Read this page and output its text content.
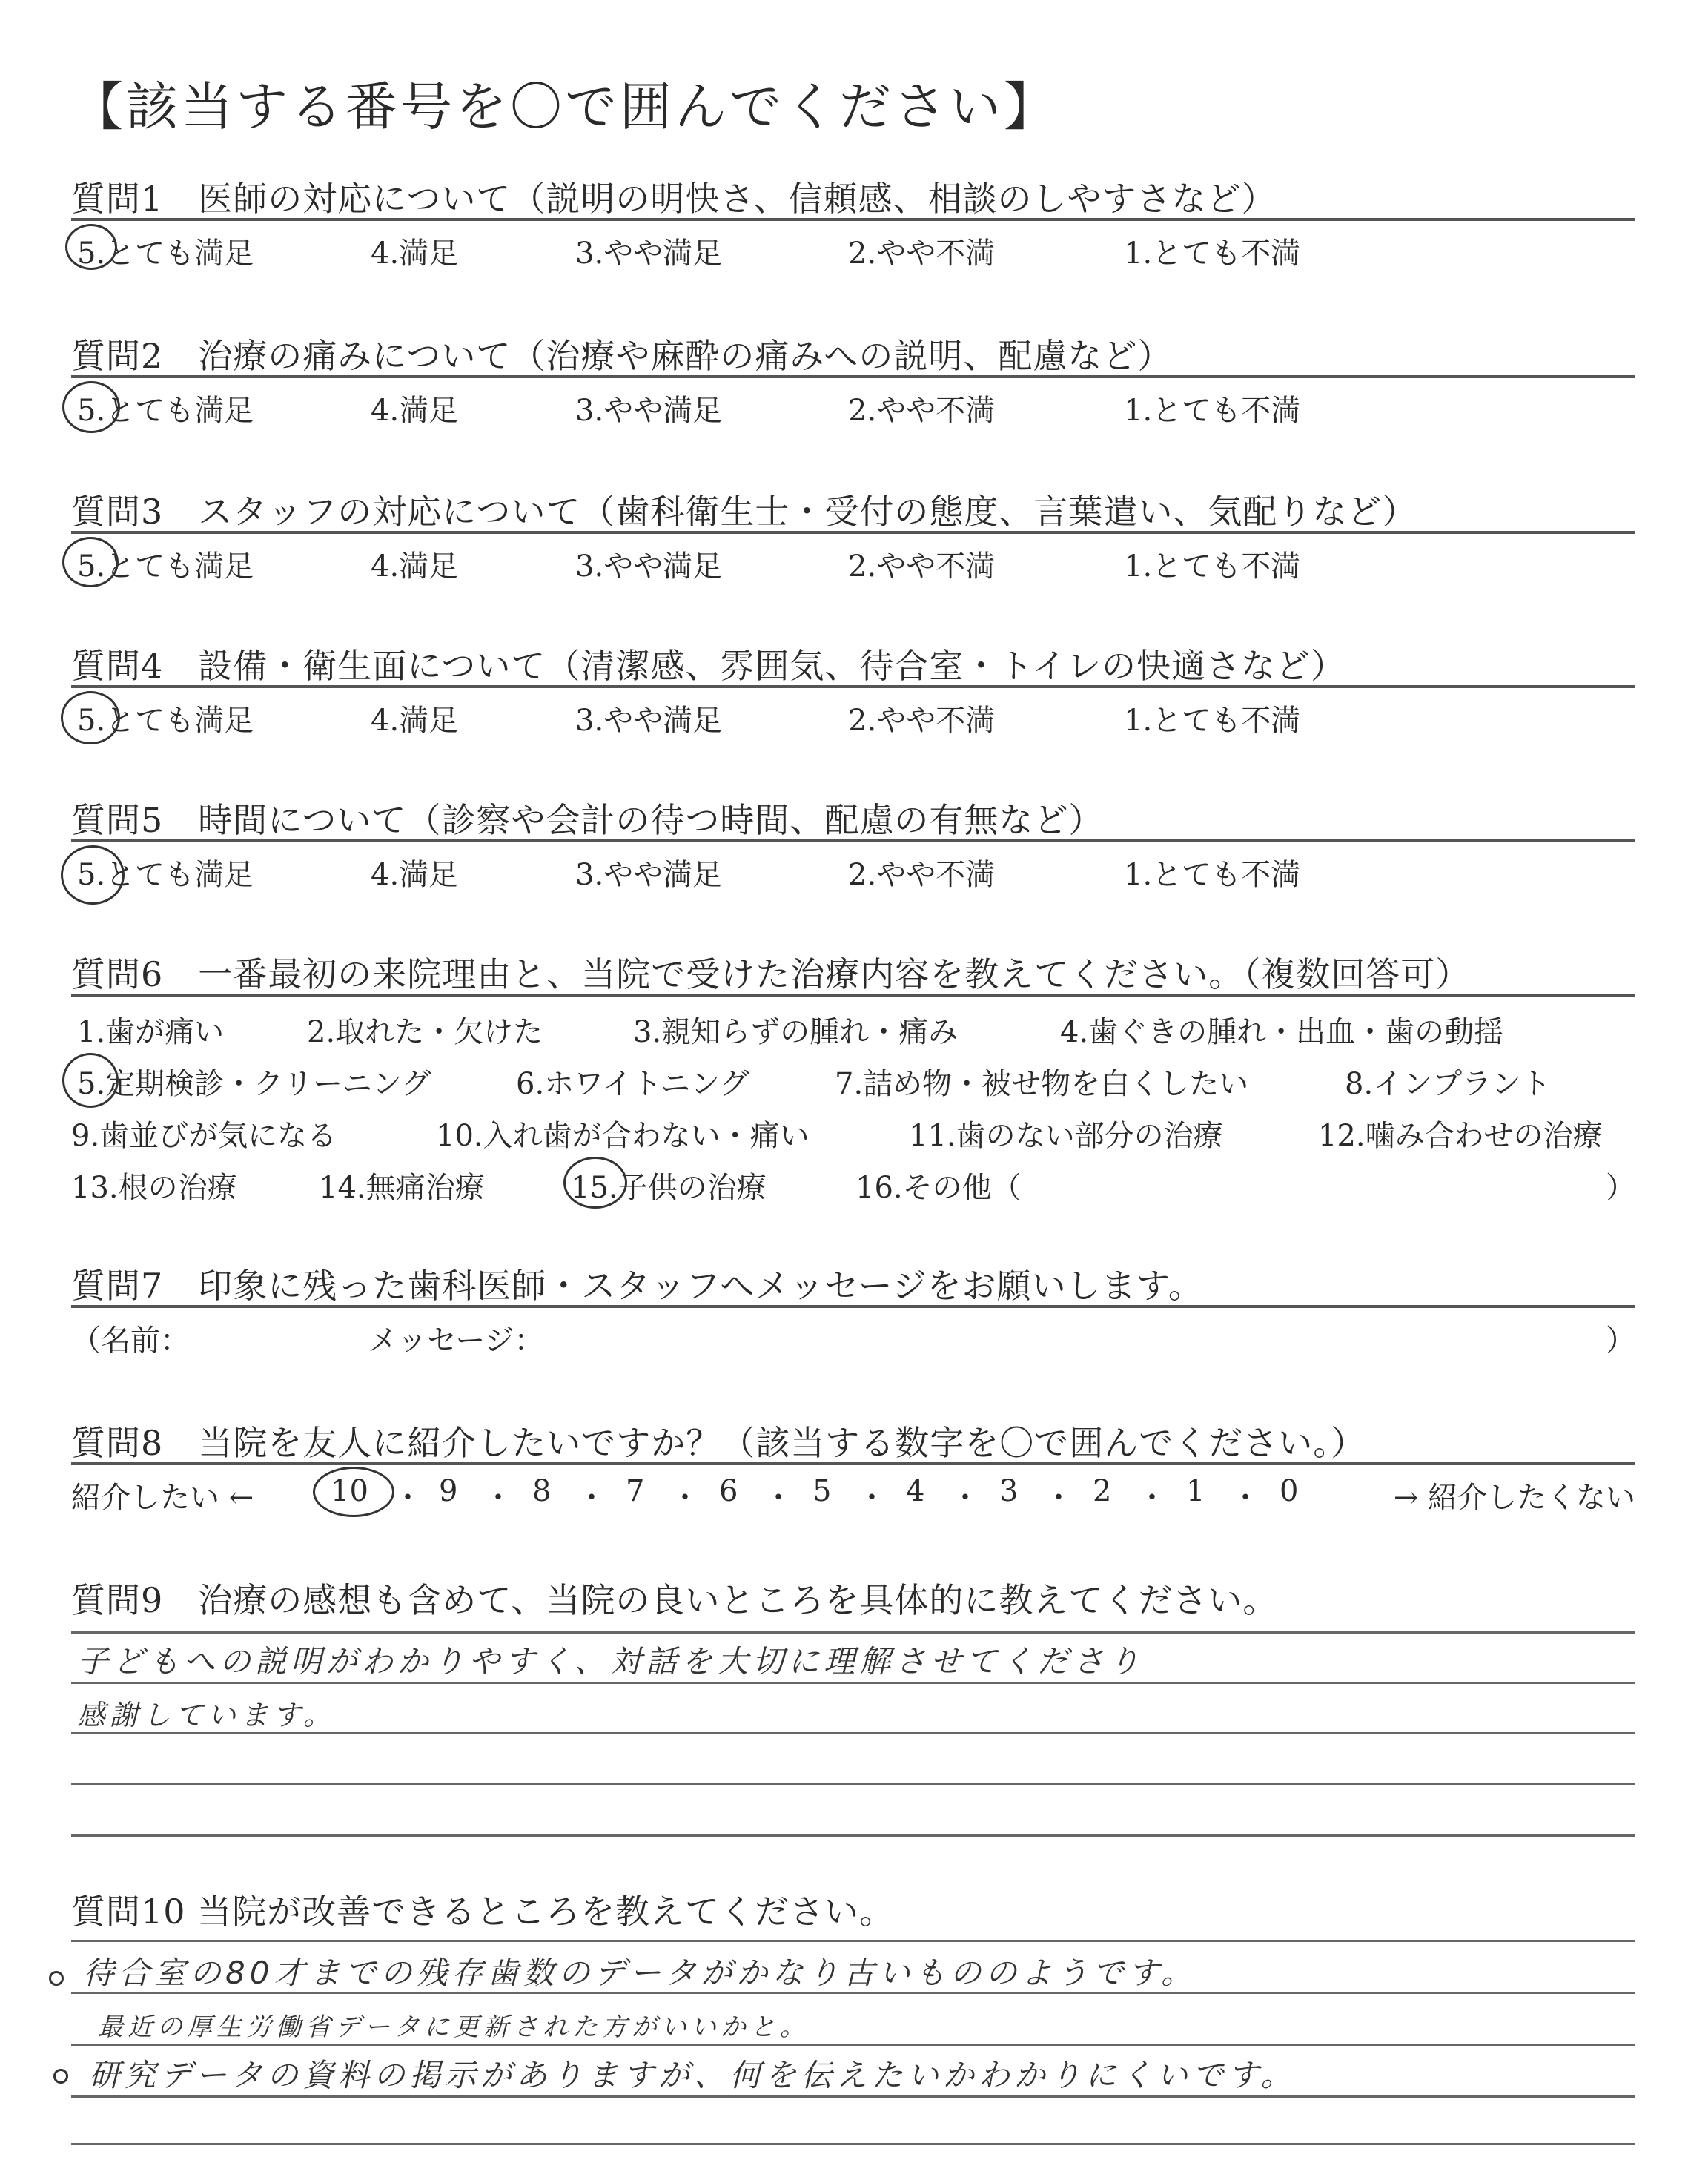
【該当する番号を〇で囲んでください】
質問1　医師の対応について（説明の明快さ、信頼感、相談のしやすさなど）
5.とても満足	4.満足	3.やや満足	2.やや不満	1.とても不満
質問2　治療の痛みについて（治療や麻酔の痛みへの説明、配慮など）
5.とても満足	4.満足	3.やや満足	2.やや不満	1.とても不満
質問3　スタッフの対応について（歯科衛生士・受付の態度、言葉遣い、気配りなど）
5.とても満足	4.満足	3.やや満足	2.やや不満	1.とても不満
質問4　設備・衛生面について（清潔感、雰囲気、待合室・トイレの快適さなど）
5.とても満足	4.満足	3.やや満足	2.やや不満	1.とても不満
質問5　時間について（診察や会計の待つ時間、配慮の有無など）
5.とても満足	4.満足	3.やや満足	2.やや不満	1.とても不満
質問6　一番最初の来院理由と、当院で受けた治療内容を教えてください。（複数回答可）
1.歯が痛い	2.取れた・欠けた	3.親知らずの腫れ・痛み	4.歯ぐきの腫れ・出血・歯の動揺
5.定期検診・クリーニング	6.ホワイトニング	7.詰め物・被せ物を白くしたい	8.インプラント
9.歯並びが気になる	10.入れ歯が合わない・痛い	11.歯のない部分の治療	12.噛み合わせの治療
13.根の治療	14.無痛治療	15.子供の治療	16.その他（	）
質問7　印象に残った歯科医師・スタッフへメッセージをお願いします。
（名前：	メッセージ：	）
質問8　当院を友人に紹介したいですか？（該当する数字を〇で囲んでください。）
紹介したい ←	10 ・ 9 ・ 8 ・ 7 ・ 6 ・ 5 ・ 4 ・ 3 ・ 2 ・ 1 ・ 0	→ 紹介したくない
質問9　治療の感想も含めて、当院の良いところを具体的に教えてください。
子どもへの説明がわかりやすく、対話を大切に理解させてくださり
感謝しています。
質問10 当院が改善できるところを教えてください。
待合室の80才までの残存歯数のデータがかなり古いもののようです。
最近の厚生労働省データに更新された方がいいかと。
研究データの資料の掲示がありますが、何を伝えたいかわかりにくいです。
